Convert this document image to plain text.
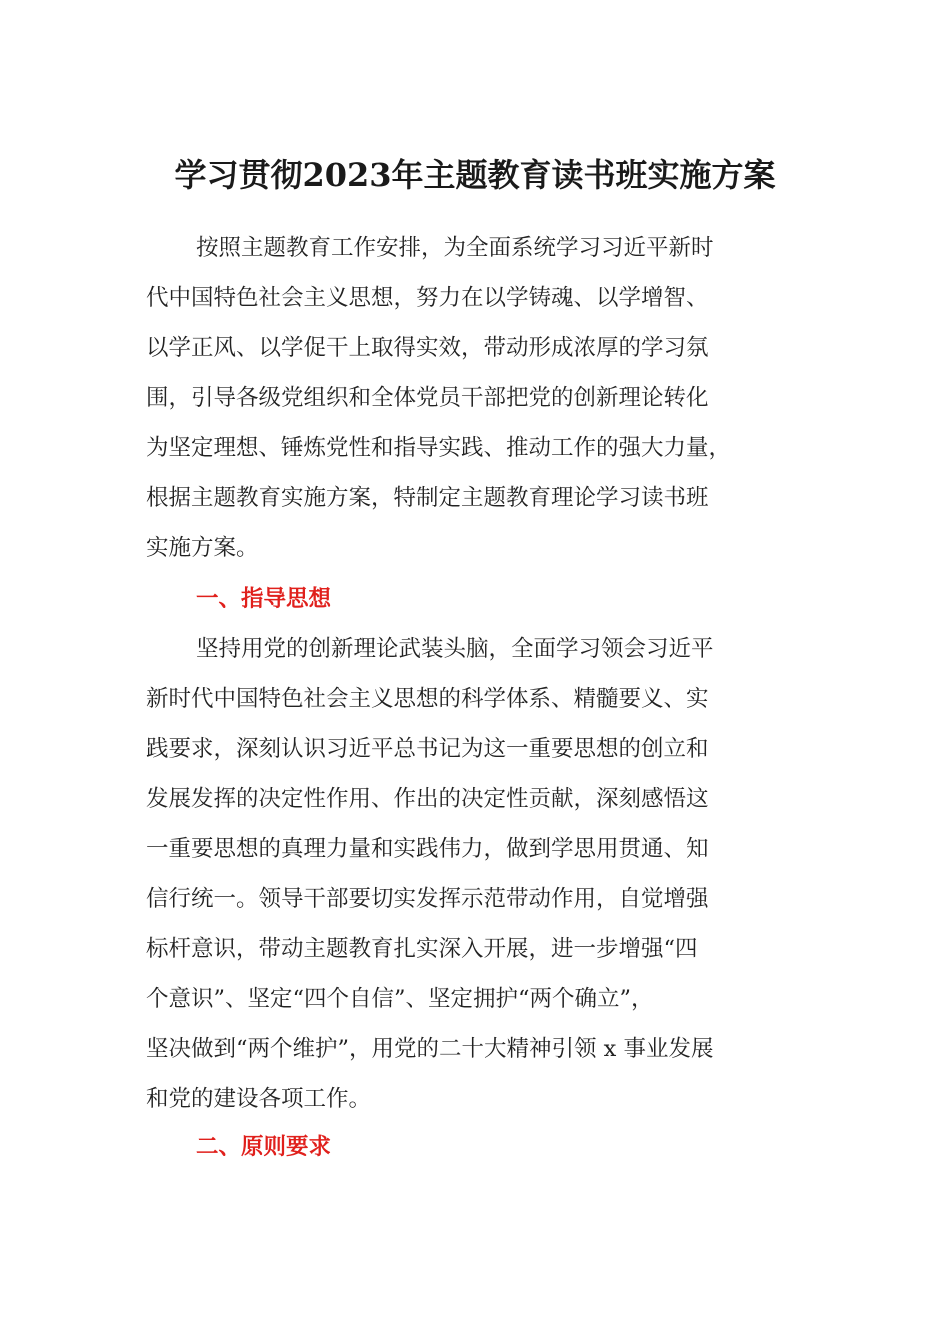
学习贯彻2023年主题教育读书班实施方案
按照主题教育工作安排，为全面系统学习习近平新时
代中国特色社会主义思想，努力在以学铸魂、以学增智、
以学正风、以学促干上取得实效，带动形成浓厚的学习氛
围，引导各级党组织和全体党员干部把党的创新理论转化
为坚定理想、锤炼党性和指导实践、推动工作的强大力量，
根据主题教育实施方案，特制定主题教育理论学习读书班
实施方案。
一、指导思想
坚持用党的创新理论武装头脑，全面学习领会习近平
新时代中国特色社会主义思想的科学体系、精髓要义、实
践要求，深刻认识习近平总书记为这一重要思想的创立和
发展发挥的决定性作用、作出的决定性贡献，深刻感悟这
一重要思想的真理力量和实践伟力，做到学思用贯通、知
信行统一。领导干部要切实发挥示范带动作用，自觉增强
标杆意识，带动主题教育扎实深入开展，进一步增强“四
个意识”、坚定“四个自信”、坚定拥护“两个确立”，
坚决做到“两个维护”，用党的二十大精神引领 x 事业发展
和党的建设各项工作。
二、原则要求
